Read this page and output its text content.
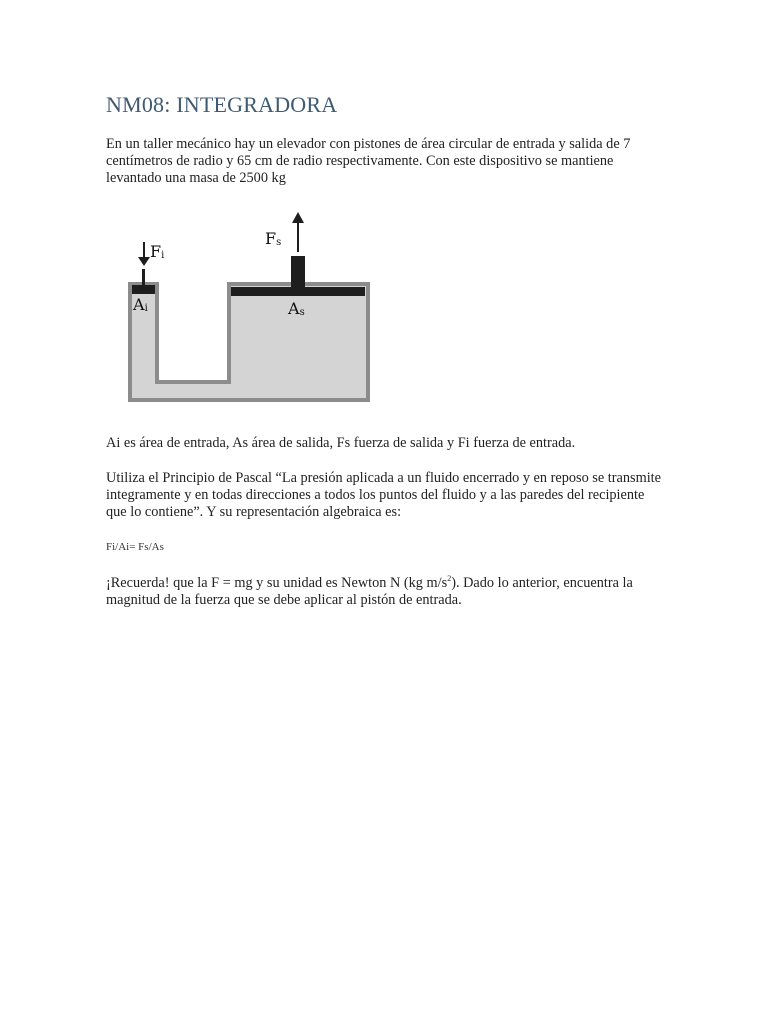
NM08: INTEGRADORA

En un taller mecánico hay un elevador con pistones de área circular de entrada y salida de 7 centímetros de radio y 65 cm de radio respectivamente. Con este dispositivo se mantiene levantado una masa de 2500 kg

Fi
Fs
Ai	As

Ai es área de entrada, As área de salida, Fs fuerza de salida y Fi fuerza de entrada.

Utiliza el Principio de Pascal “La presión aplicada a un fluido encerrado y en reposo se transmite integramente y en todas direcciones a todos los puntos del fluido y a las paredes del recipiente que lo contiene”. Y su representación algebraica es:

Fi/Ai= Fs/As

¡Recuerda! que la F = mg y su unidad es Newton N (kg $m/s^2$). Dado lo anterior, encuentra la magnitud de la fuerza que se debe aplicar al pistón de entrada.
